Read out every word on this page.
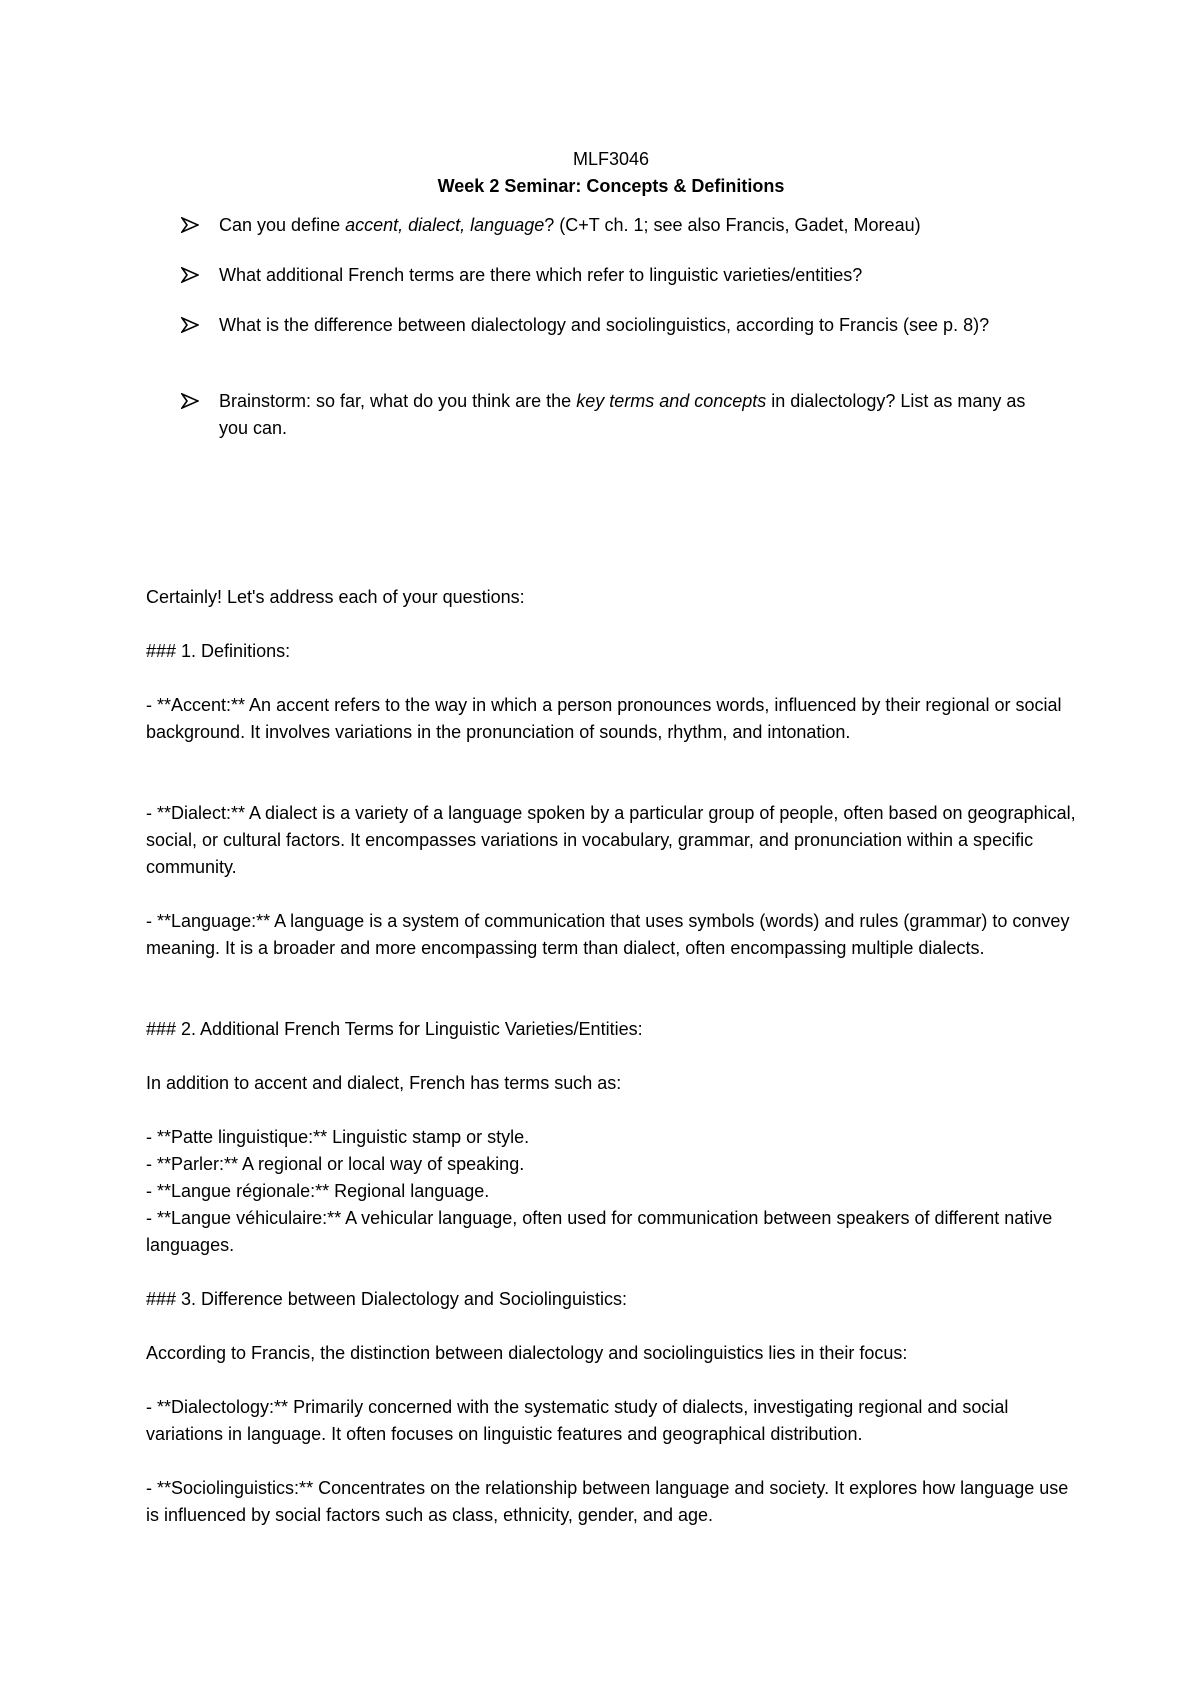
MLF3046
Week 2 Seminar: Concepts & Definitions
Can you define accent, dialect, language? (C+T ch. 1; see also Francis, Gadet, Moreau)
What additional French terms are there which refer to linguistic varieties/entities?
What is the difference between dialectology and sociolinguistics, according to Francis (see p. 8)?
Brainstorm: so far, what do you think are the key terms and concepts in dialectology? List as many as you can.
Certainly! Let's address each of your questions:
### 1. Definitions:
- **Accent:** An accent refers to the way in which a person pronounces words, influenced by their regional or social background. It involves variations in the pronunciation of sounds, rhythm, and intonation.
- **Dialect:** A dialect is a variety of a language spoken by a particular group of people, often based on geographical, social, or cultural factors. It encompasses variations in vocabulary, grammar, and pronunciation within a specific community.
- **Language:** A language is a system of communication that uses symbols (words) and rules (grammar) to convey meaning. It is a broader and more encompassing term than dialect, often encompassing multiple dialects.
### 2. Additional French Terms for Linguistic Varieties/Entities:
In addition to accent and dialect, French has terms such as:
- **Patte linguistique:** Linguistic stamp or style.
- **Parler:** A regional or local way of speaking.
- **Langue régionale:** Regional language.
- **Langue véhiculaire:** A vehicular language, often used for communication between speakers of different native languages.
### 3. Difference between Dialectology and Sociolinguistics:
According to Francis, the distinction between dialectology and sociolinguistics lies in their focus:
- **Dialectology:** Primarily concerned with the systematic study of dialects, investigating regional and social variations in language. It often focuses on linguistic features and geographical distribution.
- **Sociolinguistics:** Concentrates on the relationship between language and society. It explores how language use is influenced by social factors such as class, ethnicity, gender, and age.
